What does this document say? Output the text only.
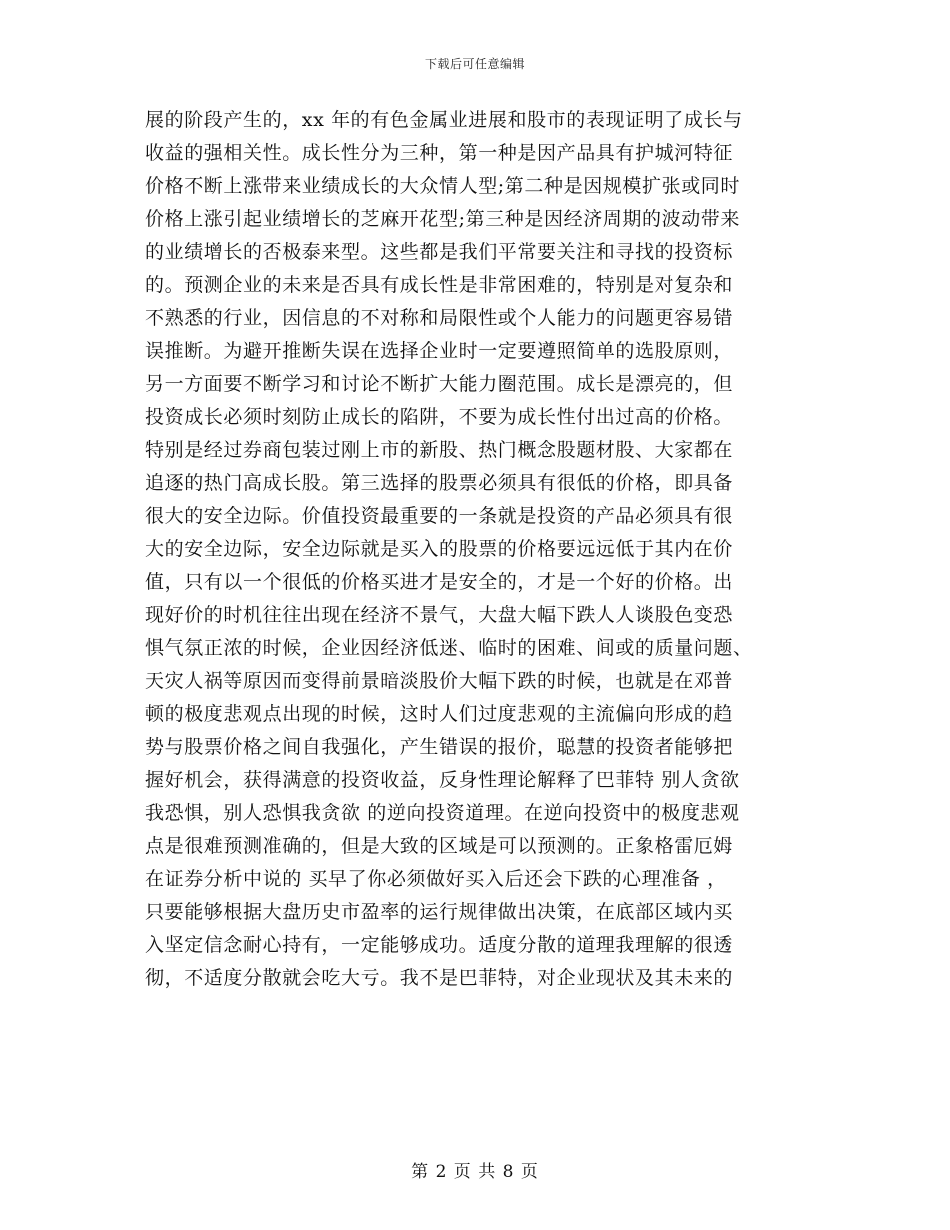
下载后可任意编辑
展的阶段产生的，xx 年的有色金属业进展和股市的表现证明了成长与
收益的强相关性。成长性分为三种，第一种是因产品具有护城河特征
价格不断上涨带来业绩成长的大众情人型;第二种是因规模扩张或同时
价格上涨引起业绩增长的芝麻开花型;第三种是因经济周期的波动带来
的业绩增长的否极泰来型。这些都是我们平常要关注和寻找的投资标
的。预测企业的未来是否具有成长性是非常困难的，特别是对复杂和
不熟悉的行业，因信息的不对称和局限性或个人能力的问题更容易错
误推断。为避开推断失误在选择企业时一定要遵照简单的选股原则，
另一方面要不断学习和讨论不断扩大能力圈范围。成长是漂亮的，但
投资成长必须时刻防止成长的陷阱，不要为成长性付出过高的价格。
特别是经过券商包装过刚上市的新股、热门概念股题材股、大家都在
追逐的热门高成长股。第三选择的股票必须具有很低的价格，即具备
很大的安全边际。价值投资最重要的一条就是投资的产品必须具有很
大的安全边际，安全边际就是买入的股票的价格要远远低于其内在价
值，只有以一个很低的价格买进才是安全的，才是一个好的价格。出
现好价的时机往往出现在经济不景气，大盘大幅下跌人人谈股色变恐
惧气氛正浓的时候，企业因经济低迷、临时的困难、间或的质量问题、
天灾人祸等原因而变得前景暗淡股价大幅下跌的时候，也就是在邓普
顿的极度悲观点出现的时候，这时人们过度悲观的主流偏向形成的趋
势与股票价格之间自我强化，产生错误的报价，聪慧的投资者能够把
握好机会，获得满意的投资收益，反身性理论解释了巴菲特 别人贪欲
我恐惧，别人恐惧我贪欲 的逆向投资道理。在逆向投资中的极度悲观
点是很难预测准确的，但是大致的区域是可以预测的。正象格雷厄姆
在证券分析中说的 买早了你必须做好买入后还会下跌的心理准备 ，
只要能够根据大盘历史市盈率的运行规律做出决策，在底部区域内买
入坚定信念耐心持有，一定能够成功。适度分散的道理我理解的很透
彻，不适度分散就会吃大亏。我不是巴菲特，对企业现状及其未来的
第 2 页 共 8 页
